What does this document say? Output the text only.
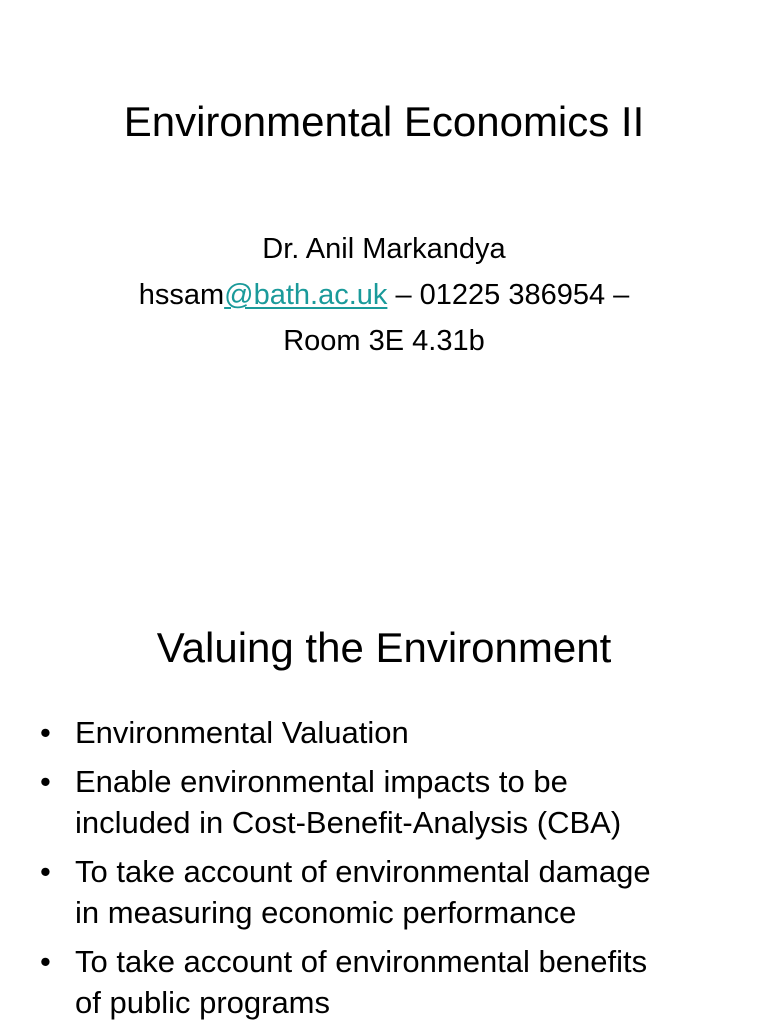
Environmental Economics II
Dr. Anil Markandya
hssam@bath.ac.uk – 01225 386954 –
Room 3E 4.31b
Valuing the Environment
• Environmental Valuation
• Enable environmental impacts to be
included in Cost-Benefit-Analysis (CBA)
• To take account of environmental damage
in measuring economic performance
• To take account of environmental benefits
of public programs
